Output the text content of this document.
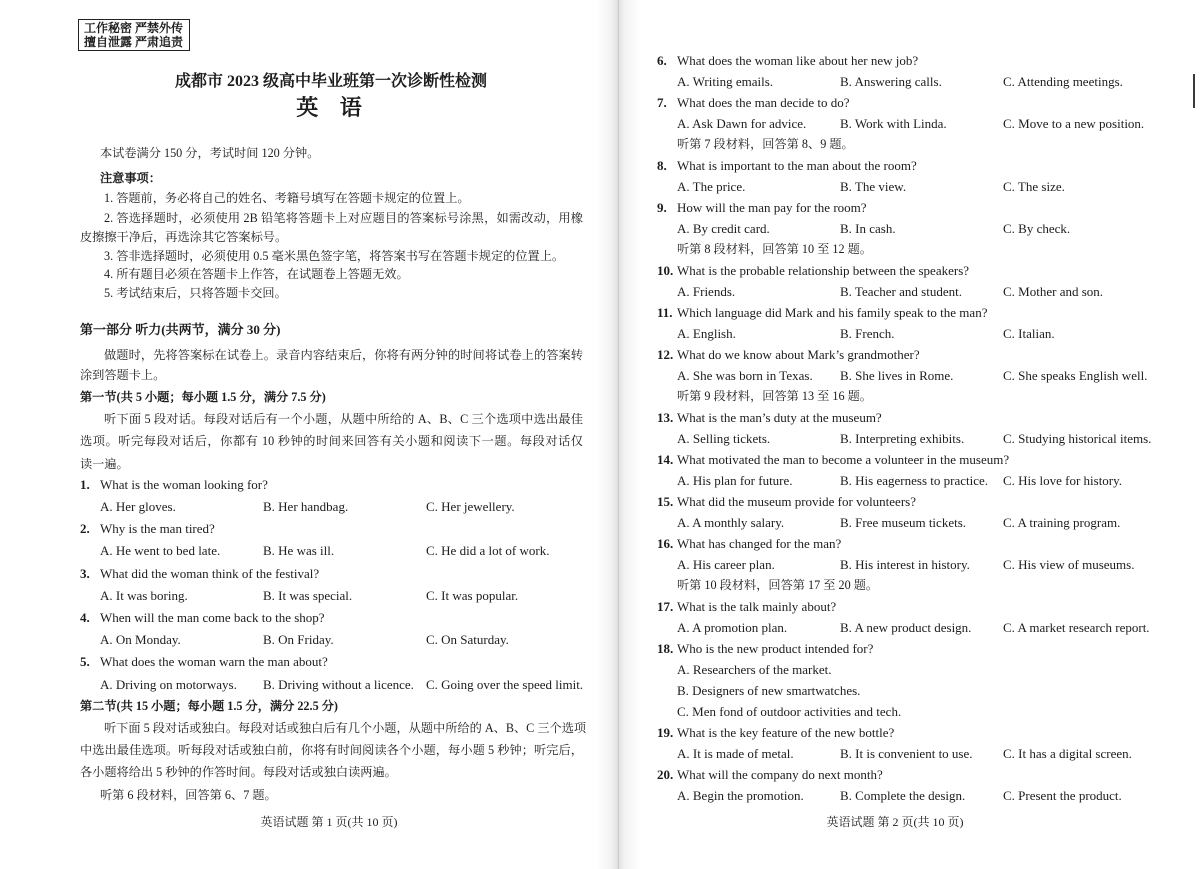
工作秘密 严禁外传
擅自泄露 严肃追责
成都市 2023 级高中毕业班第一次诊断性检测
英 语
本试卷满分 150 分，考试时间 120 分钟。
注意事项：
1. 答题前，务必将自己的姓名、考籍号填写在答题卡规定的位置上。
2. 答选择题时，必须使用 2B 铅笔将答题卡上对应题目的答案标号涂黑，如需改动，用橡
皮擦擦干净后，再选涂其它答案标号。
3. 答非选择题时，必须使用 0.5 毫米黑色签字笔，将答案书写在答题卡规定的位置上。
4. 所有题目必须在答题卡上作答，在试题卷上答题无效。
5. 考试结束后，只将答题卡交回。
第一部分 听力(共两节，满分 30 分)
做题时，先将答案标在试卷上。录音内容结束后，你将有两分钟的时间将试卷上的答案转
涂到答题卡上。
第一节(共 5 小题；每小题 1.5 分，满分 7.5 分)
听下面 5 段对话。每段对话后有一个小题，从题中所给的 A、B、C 三个选项中选出最佳
选项。听完每段对话后，你都有 10 秒钟的时间来回答有关小题和阅读下一题。每段对话仅
读一遍。
1. What is the woman looking for?
A. Her gloves.	B. Her handbag.	C. Her jewellery.
2. Why is the man tired?
A. He went to bed late.	B. He was ill.	C. He did a lot of work.
3. What did the woman think of the festival?
A. It was boring.	B. It was special.	C. It was popular.
4. When will the man come back to the shop?
A. On Monday.	B. On Friday.	C. On Saturday.
5. What does the woman warn the man about?
A. Driving on motorways. B. Driving without a licence. C. Going over the speed limit.
第二节(共 15 小题；每小题 1.5 分，满分 22.5 分)
听下面 5 段对话或独白。每段对话或独白后有几个小题，从题中所给的 A、B、C 三个选项
中选出最佳选项。听每段对话或独白前，你将有时间阅读各个小题，每小题 5 秒钟；听完后，
各小题将给出 5 秒钟的作答时间。每段对话或独白读两遍。
听第 6 段材料，回答第 6、7 题。
英语试题 第 1 页(共 10 页)
6. What does the woman like about her new job?
A. Writing emails.	B. Answering calls.	C. Attending meetings.
7. What does the man decide to do?
A. Ask Dawn for advice.	B. Work with Linda.	C. Move to a new position.
听第 7 段材料，回答第 8、9 题。
8. What is important to the man about the room?
A. The price.	B. The view.	C. The size.
9. How will the man pay for the room?
A. By credit card.	B. In cash.	C. By check.
听第 8 段材料，回答第 10 至 12 题。
10. What is the probable relationship between the speakers?
A. Friends.	B. Teacher and student.	C. Mother and son.
11. Which language did Mark and his family speak to the man?
A. English.	B. French.	C. Italian.
12. What do we know about Mark’s grandmother?
A. She was born in Texas. B. She lives in Rome.	C. She speaks English well.
听第 9 段材料，回答第 13 至 16 题。
13. What is the man’s duty at the museum?
A. Selling tickets.	B. Interpreting exhibits.	C. Studying historical items.
14. What motivated the man to become a volunteer in the museum?
A. His plan for future.	B. His eagerness to practice. C. His love for history.
15. What did the museum provide for volunteers?
A. A monthly salary.	B. Free museum tickets.	C. A training program.
16. What has changed for the man?
A. His career plan.	B. His interest in history.	C. His view of museums.
听第 10 段材料，回答第 17 至 20 题。
17. What is the talk mainly about?
A. A promotion plan.	B. A new product design. C. A market research report.
18. Who is the new product intended for?
A. Researchers of the market.
B. Designers of new smartwatches.
C. Men fond of outdoor activities and tech.
19. What is the key feature of the new bottle?
A. It is made of metal.	B. It is convenient to use. C. It has a digital screen.
20. What will the company do next month?
A. Begin the promotion.	B. Complete the design.	C. Present the product.
英语试题 第 2 页(共 10 页)
